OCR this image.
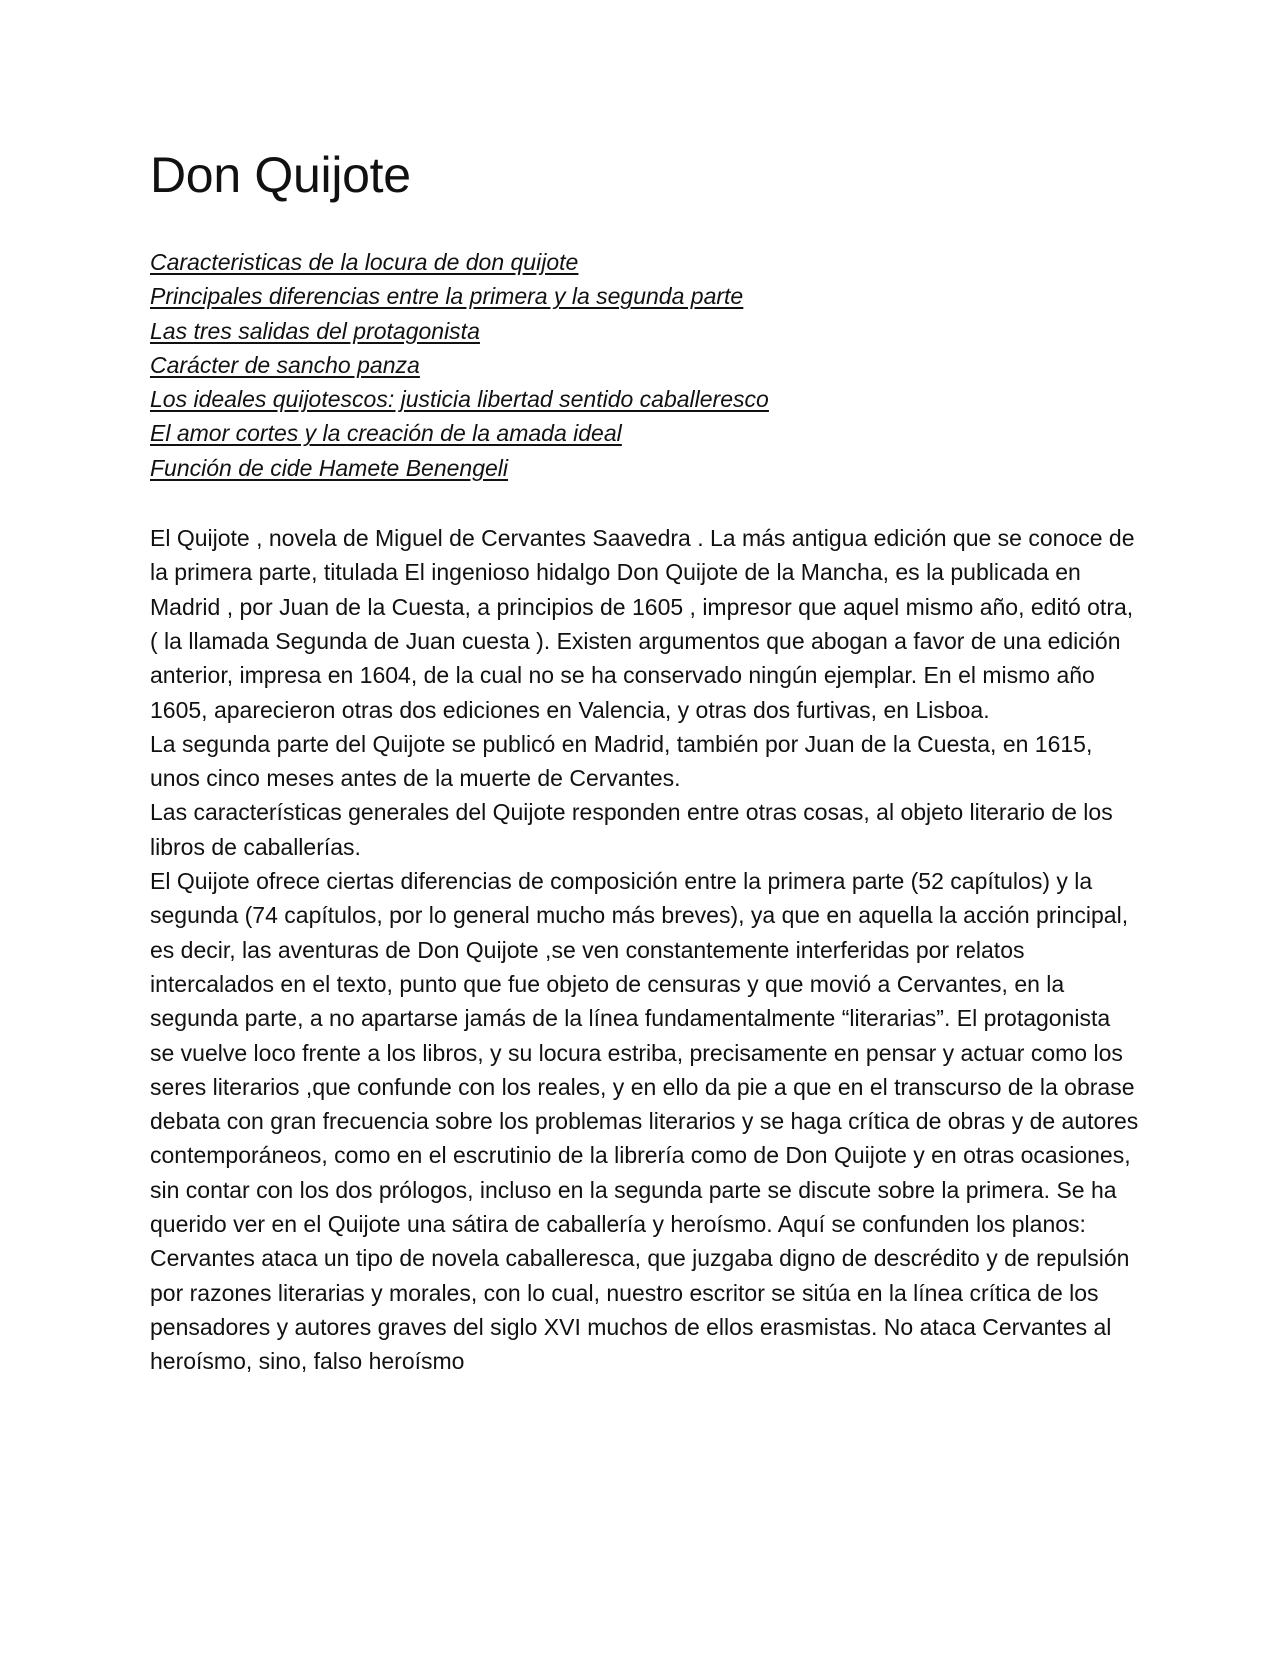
Don Quijote
Caracteristicas de la locura de don quijote
Principales diferencias entre la primera y la segunda parte
Las tres salidas del protagonista
Carácter de sancho panza
Los ideales quijotescos: justicia libertad sentido caballeresco
El amor cortes y la creación de la amada ideal
Función de cide Hamete Benengeli

El Quijote , novela de Miguel de Cervantes Saavedra . La más antigua edición que se conoce de la primera parte, titulada El ingenioso hidalgo Don Quijote de la Mancha, es la publicada en Madrid , por Juan de la Cuesta, a principios de 1605 , impresor que aquel mismo año, editó otra, ( la llamada Segunda de Juan cuesta ). Existen argumentos que abogan a favor de una edición anterior, impresa en 1604, de la cual no se ha conservado ningún ejemplar. En el mismo año 1605, aparecieron otras dos ediciones en Valencia, y otras dos furtivas, en Lisboa.

La segunda parte del Quijote se publicó en Madrid, también por Juan de la Cuesta, en 1615, unos cinco meses antes de la muerte de Cervantes.

Las características generales del Quijote responden entre otras cosas, al objeto literario de los libros de caballerías.

El Quijote ofrece ciertas diferencias de composición entre la primera parte (52 capítulos) y la segunda (74 capítulos, por lo general mucho más breves), ya que en aquella la acción principal, es decir, las aventuras de Don Quijote ,se ven constantemente interferidas por relatos intercalados en el texto, punto que fue objeto de censuras y que movió a Cervantes, en la segunda parte, a no apartarse jamás de la línea fundamentalmente “literarias”. El protagonista se vuelve loco frente a los libros, y su locura estriba, precisamente en pensar y actuar como los seres literarios ,que confunde con los reales, y en ello da pie a que en el transcurso de la obrase debata con gran frecuencia sobre los problemas literarios y se haga crítica de obras y de autores contemporáneos, como en el escrutinio de la librería como de Don Quijote y en otras ocasiones, sin contar con los dos prólogos, incluso en la segunda parte se discute sobre la primera. Se ha querido ver en el Quijote una sátira de caballería y heroísmo. Aquí se confunden los planos: Cervantes ataca un tipo de novela caballeresca, que juzgaba digno de descrédito y de repulsión por razones literarias y morales, con lo cual, nuestro escritor se sitúa en la línea crítica de los pensadores y autores graves del siglo XVI muchos de ellos erasmistas. No ataca Cervantes al heroísmo, sino, falso heroísmo
